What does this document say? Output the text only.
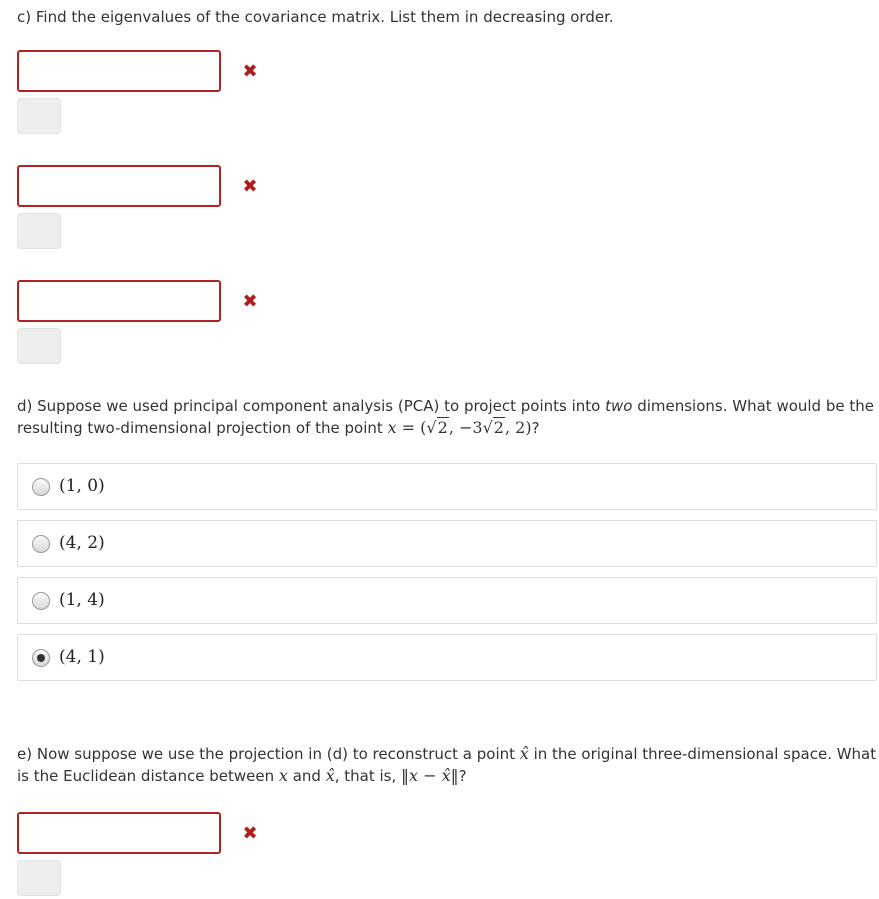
c) Find the eigenvalues of the covariance matrix. List them in decreasing order.
✖
✖
✖
d) Suppose we used principal component analysis (PCA) to project points into two dimensions. What would be the
resulting two-dimensional projection of the point x = (√2, −3√2, 2)?
(1, 0)
(4, 2)
(1, 4)
(4, 1)
e) Now suppose we use the projection in (d) to reconstruct a point x̂ in the original three-dimensional space. What
is the Euclidean distance between x and x̂, that is, ‖x − x̂‖?
✖
